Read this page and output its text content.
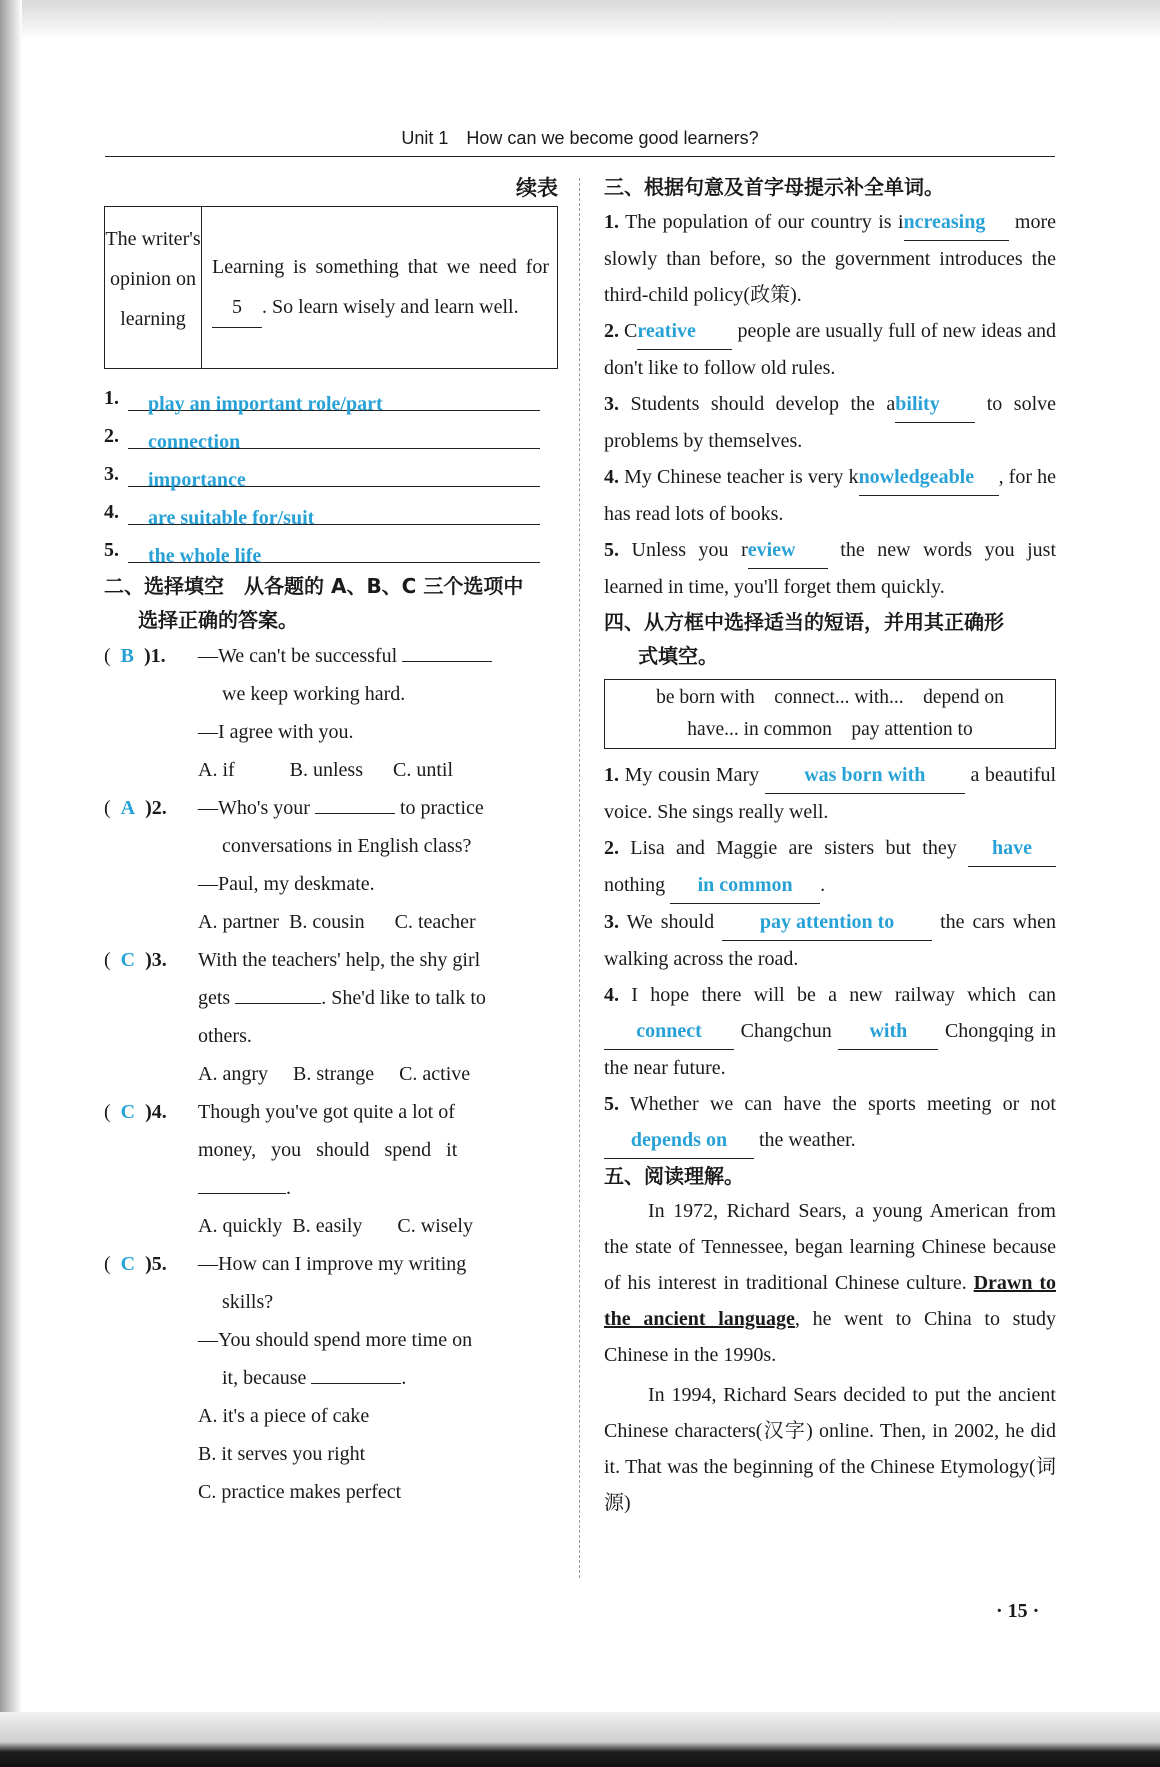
Unit 1　How can we become good learners?
续表
The writer's opinion on learning	Learning is something that we need for 5 . So learn wisely and learn well.
1.	play an important role/part
2.	connection
3.	importance
4.	are suitable for/suit
5.	the whole life
二、选择填空　从各题的 A、B、C 三个选项中
选择正确的答案。
(  B )1.	—We can't be successful
we keep working hard.
—I agree with you.
A. if           B. unless      C. until
(  A )2.	—Who's your	to practice
conversations in English class?
—Paul, my deskmate.
A. partner  B. cousin      C. teacher
(  C )3.	With the teachers' help, the shy girl
gets	. She'd like to talk to
others.
A. angry     B. strange     C. active
(  C )4.	Though you've got quite a lot of
money,   you   should   spend   it
.
A. quickly  B. easily       C. wisely
(  C )5.	—How can I improve my writing
skills?
—You should spend more time on
it, because	.
A. it's a piece of cake
B. it serves you right
C. practice makes perfect
三、根据句意及首字母提示补全单词。
1. The population of our country is increasing more slowly than before, so the government introduces the third-child policy(政策).
2. Creative people are usually full of new ideas and don't like to follow old rules.
3. Students should develop the ability to solve problems by themselves.
4. My Chinese teacher is very knowledgeable , for he has read lots of books.
5. Unless you review the new words you just learned in time, you'll forget them quickly.
四、从方框中选择适当的短语，并用其正确形
式填空。
be born with　connect... with...　depend on
have... in common　pay attention to
1. My cousin Mary was born with a beautiful voice. She sings really well.
2. Lisa and Maggie are sisters but they have nothing in common .
3. We should pay attention to the cars when walking across the road.
4. I hope there will be a new railway which can connect Changchun with Chongqing in the near future.
5. Whether we can have the sports meeting or not depends on the weather.
五、阅读理解。
In 1972, Richard Sears, a young American from the state of Tennessee, began learning Chinese because of his interest in traditional Chinese culture. Drawn to the ancient language, he went to China to study Chinese in the 1990s.
In 1994, Richard Sears decided to put the ancient Chinese characters(汉字) online. Then, in 2002, he did it. That was the beginning of the Chinese Etymology(词源)
· 15 ·
